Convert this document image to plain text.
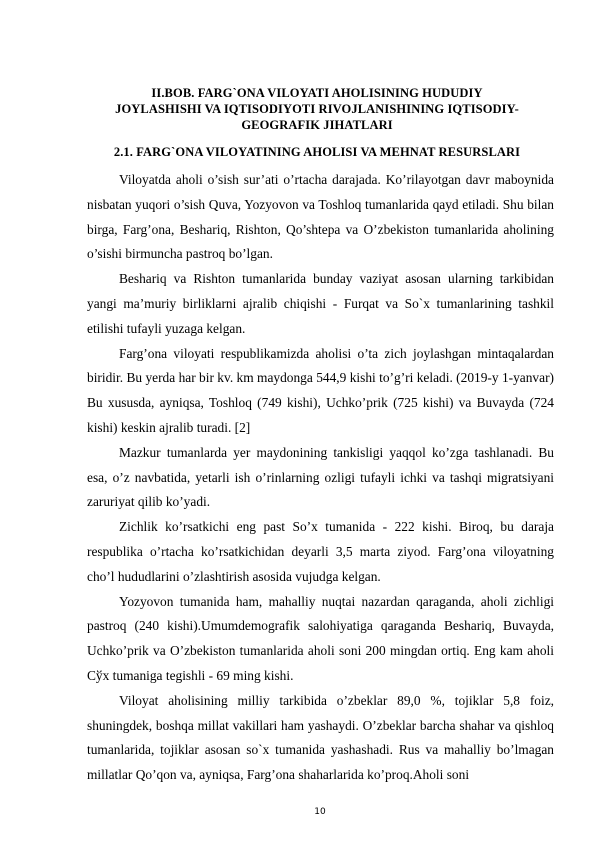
II.BOB. FARG`ONA VILOYATI AHOLISINING HUDUDIY
JOYLASHISHI VA IQTISODIYOTI RIVOJLANISHINING IQTISODIY-
GEOGRAFIK JIHATLARI
2.1. FARG`ONA VILOYATINING AHOLISI VA MEHNAT RESURSLARI

Viloyatda aholi o’sish sur’ati o’rtacha darajada. Ko’rilayotgan davr maboynida nisbatan yuqori o’sish Quva, Yozyovon va Toshloq tumanlarida qayd etiladi. Shu bilan birga, Farg’ona, Beshariq, Rishton, Qo’shtepa va O’zbekiston tumanlarida aholining o’sishi birmuncha pastroq bo’lgan.

Beshariq va Rishton tumanlarida bunday vaziyat asosan ularning tarkibidan yangi ma’muriy birliklarni ajralib chiqishi - Furqat va So`x tumanlarining tashkil etilishi tufayli yuzaga kelgan.

Farg’ona viloyati respublikamizda aholisi o’ta zich joylashgan mintaqalardan biridir. Bu yerda har bir kv. km maydonga 544,9 kishi to’g’ri keladi. (2019-y 1-yanvar) Bu xususda, ayniqsa, Toshloq (749 kishi), Uchko’prik (725 kishi) va Buvayda (724 kishi) keskin ajralib turadi. [2]

Mazkur tumanlarda yer maydonining tankisligi yaqqol ko’zga tashlanadi. Bu esa, o’z navbatida, yetarli ish o’rinlarning ozligi tufayli ichki va tashqi migratsiyani zaruriyat qilib ko’yadi.

Zichlik ko’rsatkichi eng past So’x tumanida - 222 kishi. Biroq, bu daraja respublika o’rtacha ko’rsatkichidan deyarli 3,5 marta ziyod. Farg’ona viloyatning cho’l hududlarini o’zlashtirish asosida vujudga kelgan.

Yozyovon tumanida ham, mahalliy nuqtai nazardan qaraganda, aholi zichligi pastroq (240 kishi).Umumdemografik salohiyatiga qaraganda Beshariq, Buvayda, Uchko’prik va O’zbekiston tumanlarida aholi soni 200 mingdan ortiq. Eng kam aholi Сўх tumaniga tegishli - 69 ming kishi.

Viloyat aholisining milliy tarkibida o’zbeklar 89,0 %, tojiklar 5,8 foiz, shuningdek, boshqa millat vakillari ham yashaydi. O’zbeklar barcha shahar va qishloq tumanlarida, tojiklar asosan so`x tumanida yashashadi. Rus va mahalliy bo’lmagan millatlar Qo’qon va, ayniqsa, Farg’ona shaharlarida ko’proq.Aholi soni

10
